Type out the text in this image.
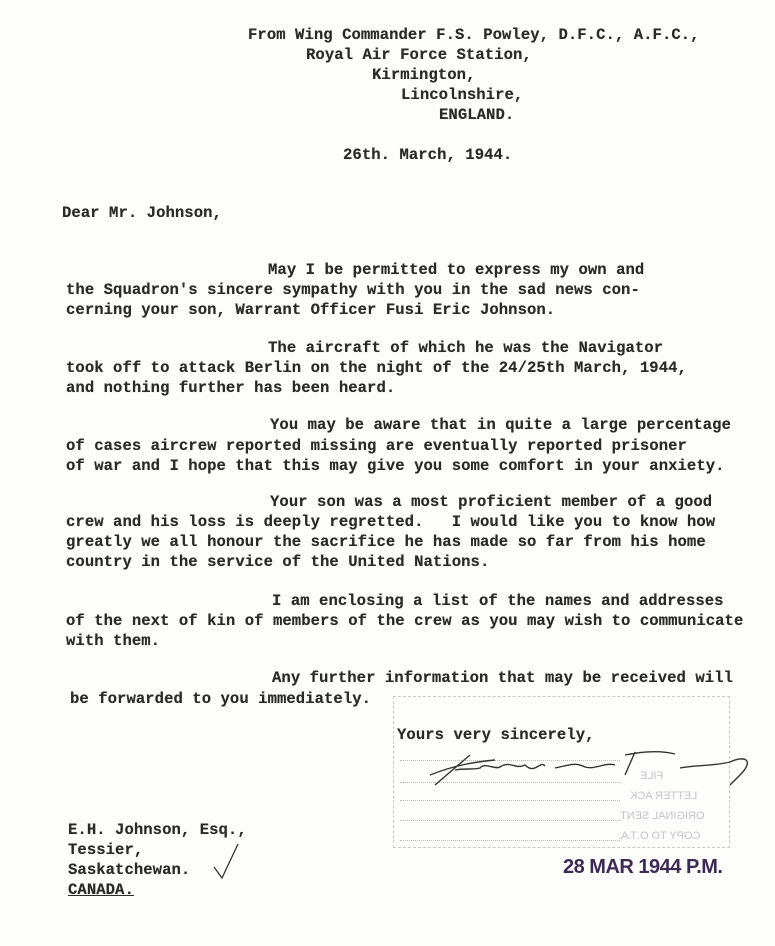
From Wing Commander F.S. Powley, D.F.C., A.F.C.,
Royal Air Force Station,
Kirmington,
Lincolnshire,
ENGLAND.
26th. March, 1944.
Dear Mr. Johnson,
May I be permitted to express my own and
the Squadron's sincere sympathy with you in the sad news con-
cerning your son, Warrant Officer Fusi Eric Johnson.
The aircraft of which he was the Navigator
took off to attack Berlin on the night of the 24/25th March, 1944,
and nothing further has been heard.
You may be aware that in quite a large percentage
of cases aircrew reported missing are eventually reported prisoner
of war and I hope that this may give you some comfort in your anxiety.
Your son was a most proficient member of a good
crew and his loss is deeply regretted.   I would like you to know how
greatly we all honour the sacrifice he has made so far from his home
country in the service of the United Nations.
I am enclosing a list of the names and addresses
of the next of kin of members of the crew as you may wish to communicate
with them.
Any further information that may be received will
be forwarded to you immediately.
FILE
LETTER ACK
ORIGINAL SENT
COPY TO O.T.A.
Yours very sincerely,
E.H. Johnson, Esq.,
Tessier,
Saskatchewan.
CANADA.
28 MAR 1944 P.M.
